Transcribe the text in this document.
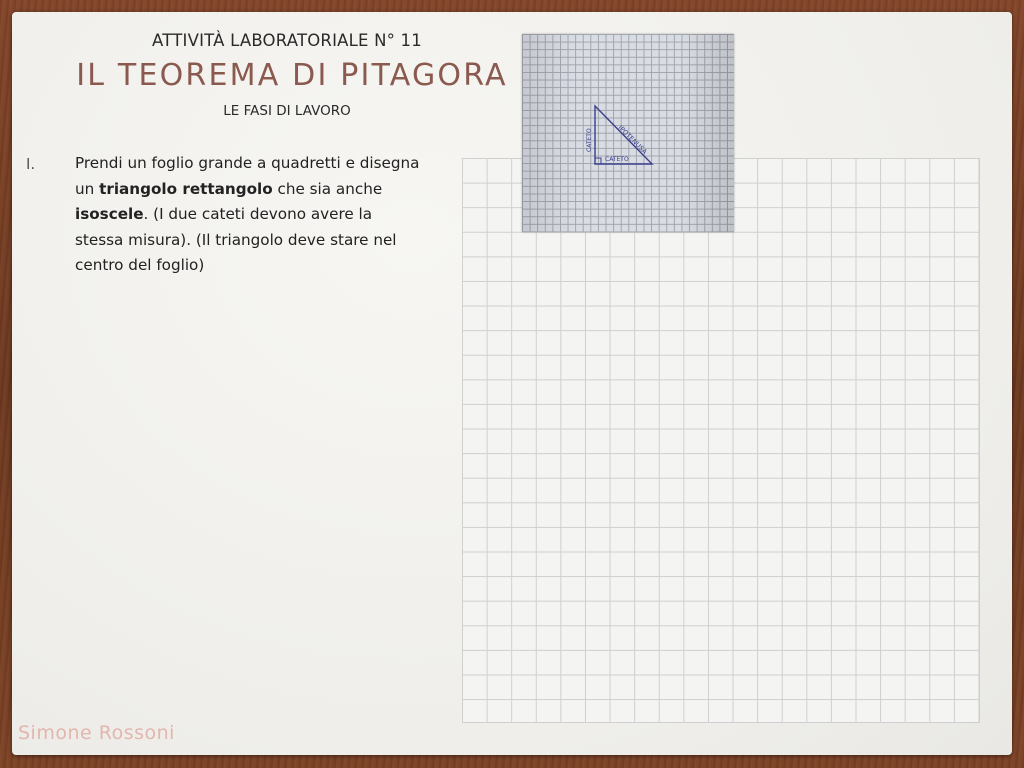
ATTIVITÀ LABORATORIALE N° 11
IL TEOREMA DI PITAGORA
LE FASI DI LAVORO
I.	Prendi un foglio grande a quadretti e disegna un triangolo rettangolo che sia anche isoscele. (I due cateti devono avere la stessa misura). (Il triangolo deve stare nel centro del foglio)
IPOTENUSA
CATETO
CATETO
Simone Rossoni
